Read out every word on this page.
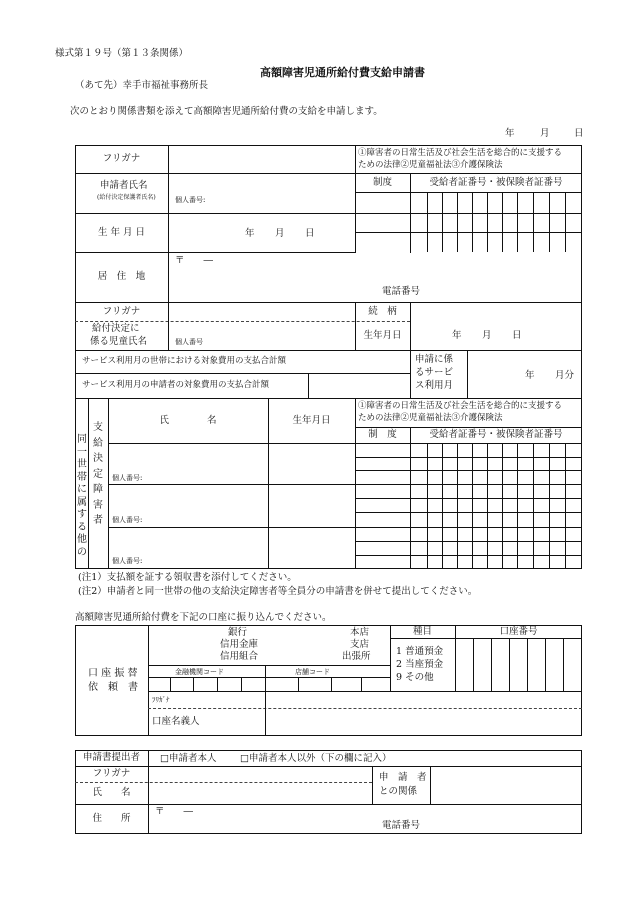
様式第１９号（第１３条関係）
高額障害児通所給付費支給申請書
（あて先）幸手市福祉事務所長
次のとおり関係書類を添えて高額障害児通所給付費の支給を申請します。
年	月	日
フリガナ
①障害者の日常生活及び社会生活を総合的に支援する
ための法律②児童福祉法③介護保険法
制度	受給者証番号・被保険者証番号
申請者氏名
(給付決定保護者氏名)	個人番号:
生 年 月 日	年 月 日
居　住　地
〒　　―
電話番号
フリガナ	続　柄
給付決定に
係る児童氏名	個人番号
生年月日	年 月 日
サービス利用月の世帯における対象費用の支払合計額
サービス利用月の申請者の対象費用の支払合計額
申請に係
るサービ
ス利用月
年 月分
同
一
世
帯
に
属
す
る
他
の
支
給
決
定
障
害
者
氏　　　　名	生年月日
①障害者の日常生活及び社会生活を総合的に支援する
ための法律②児童福祉法③介護保険法
制　度	受給者証番号・被保険者証番号
個人番号:
個人番号:
個人番号:
(注1）支払額を証する領収書を添付してください。
(注2）申請者と同一世帯の他の支給決定障害者等全員分の申請書を併せて提出してください。
高額障害児通所給付費を下記の口座に振り込んでください。
口 座 振 替
依　頼　書
銀行
信用金庫
信用組合
本店
支店
出張所
種目	口座番号
1 普通預金
2 当座預金
9 その他
金融機関コード	店舗コード
ﾌﾘｶﾞﾅ
口座名義人
申請書提出者	□申請者本人 □申請者本人以外（下の欄に記入）
フリガナ
氏　　名
申　請　者
との関係
住　　所
〒　　―
電話番号
